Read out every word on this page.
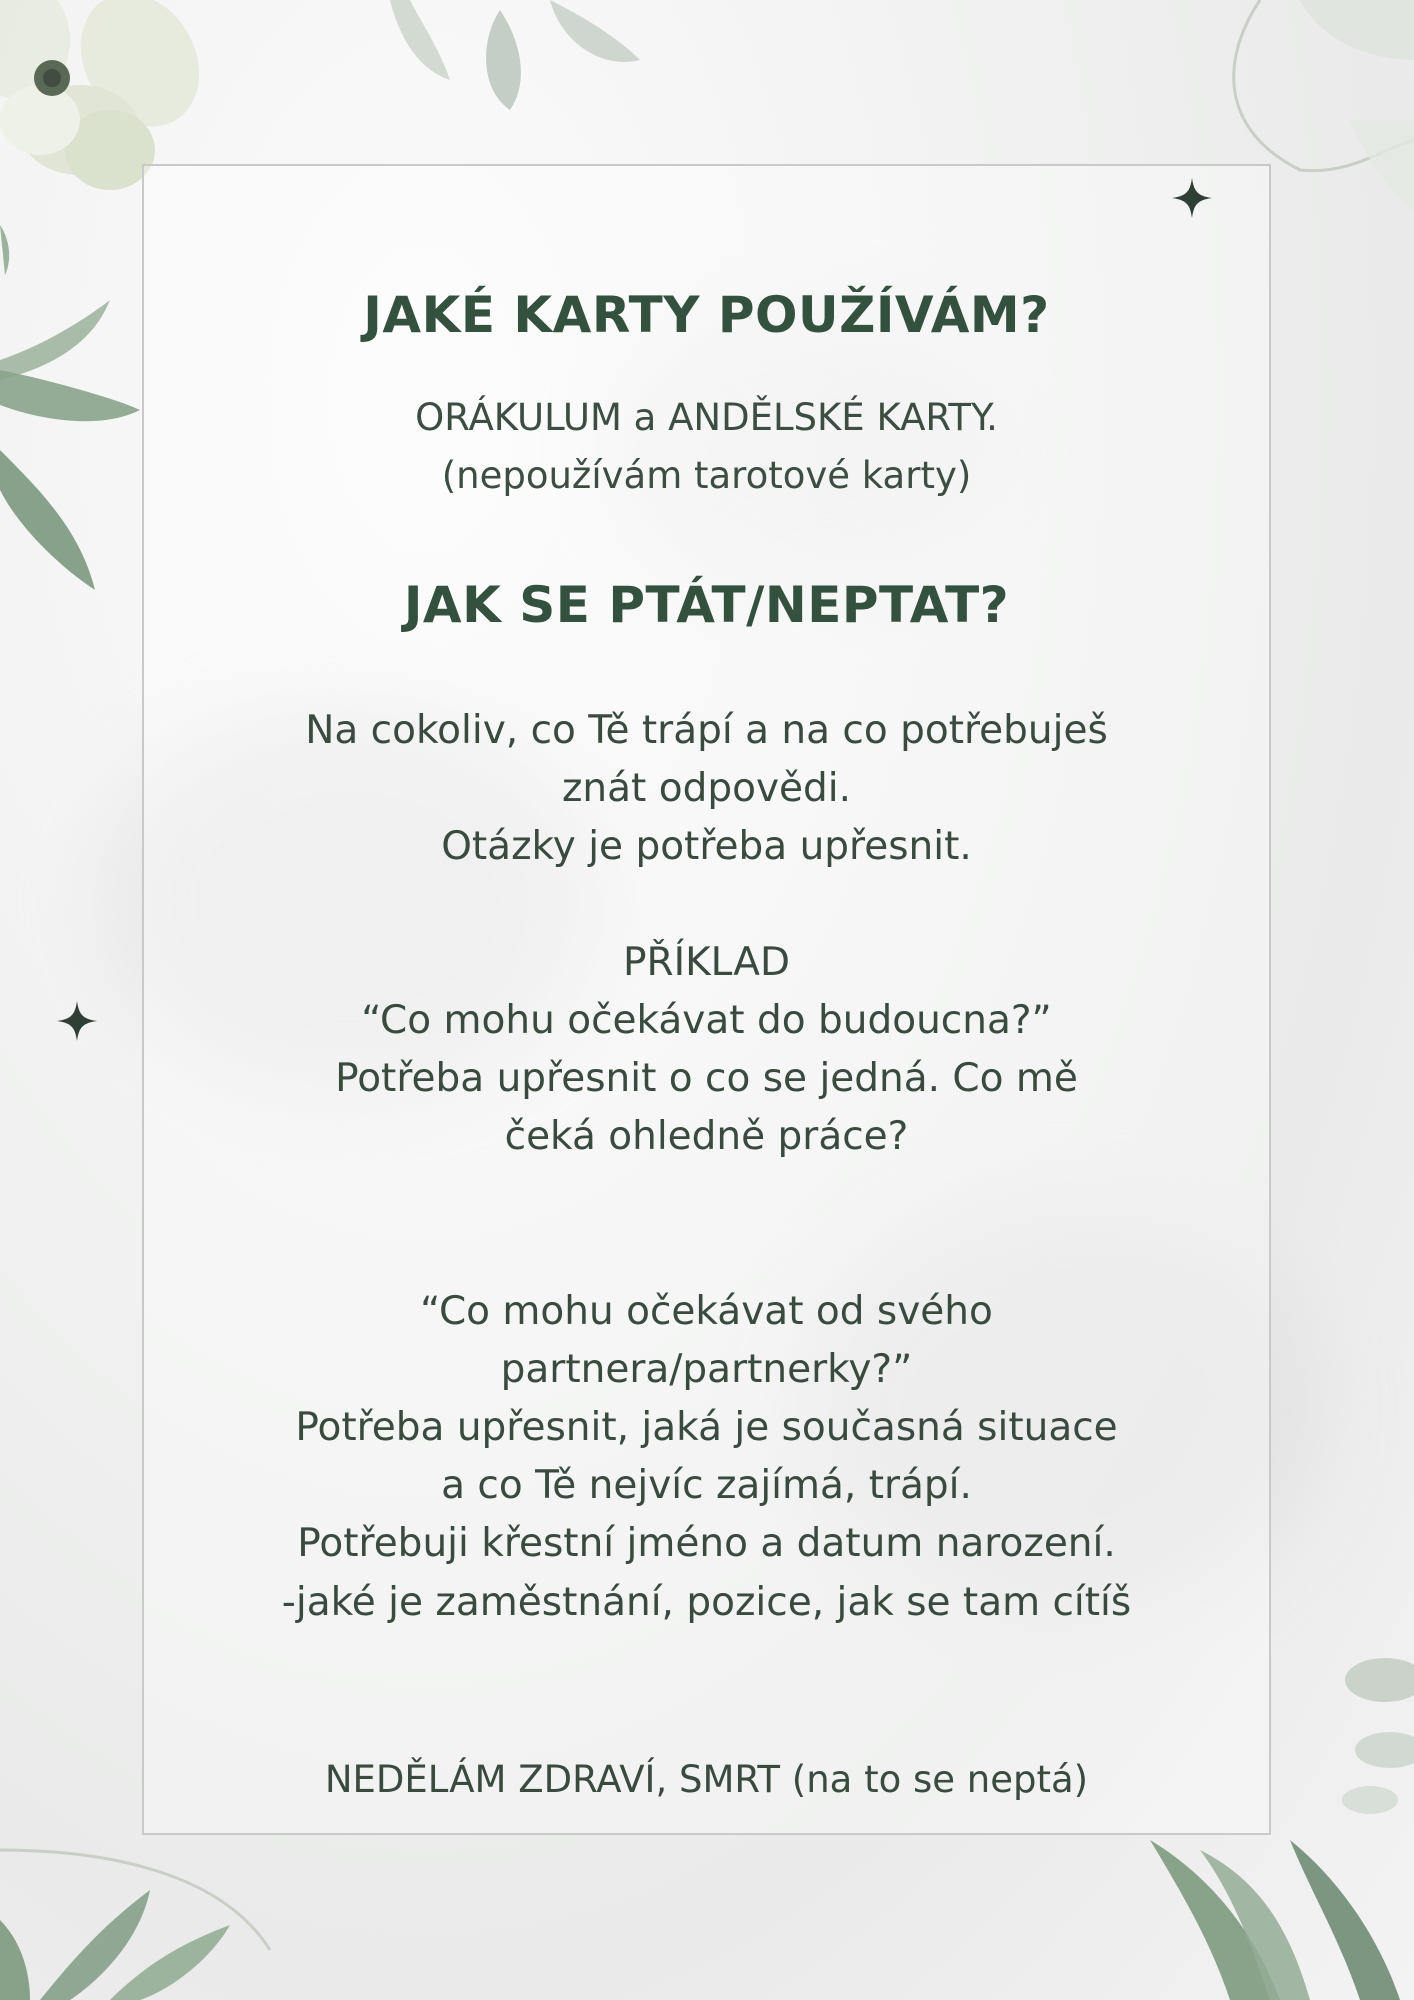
JAKÉ KARTY POUŽÍVÁM?
ORÁKULUM a ANDĚLSKÉ KARTY.
(nepoužívám tarotové karty)
JAK SE PTÁT/NEPTAT?
Na cokoliv, co Tě trápí a na co potřebuješ
znát odpovědi.
Otázky je potřeba upřesnit.
PŘÍKLAD
“Co mohu očekávat do budoucna?”
Potřeba upřesnit o co se jedná. Co mě
čeká ohledně práce?
“Co mohu očekávat od svého
partnera/partnerky?”
Potřeba upřesnit, jaká je současná situace
a co Tě nejvíc zajímá, trápí.
Potřebuji křestní jméno a datum narození.
-jaké je zaměstnání, pozice, jak se tam cítíš
NEDĚLÁM ZDRAVÍ, SMRT (na to se neptá)
